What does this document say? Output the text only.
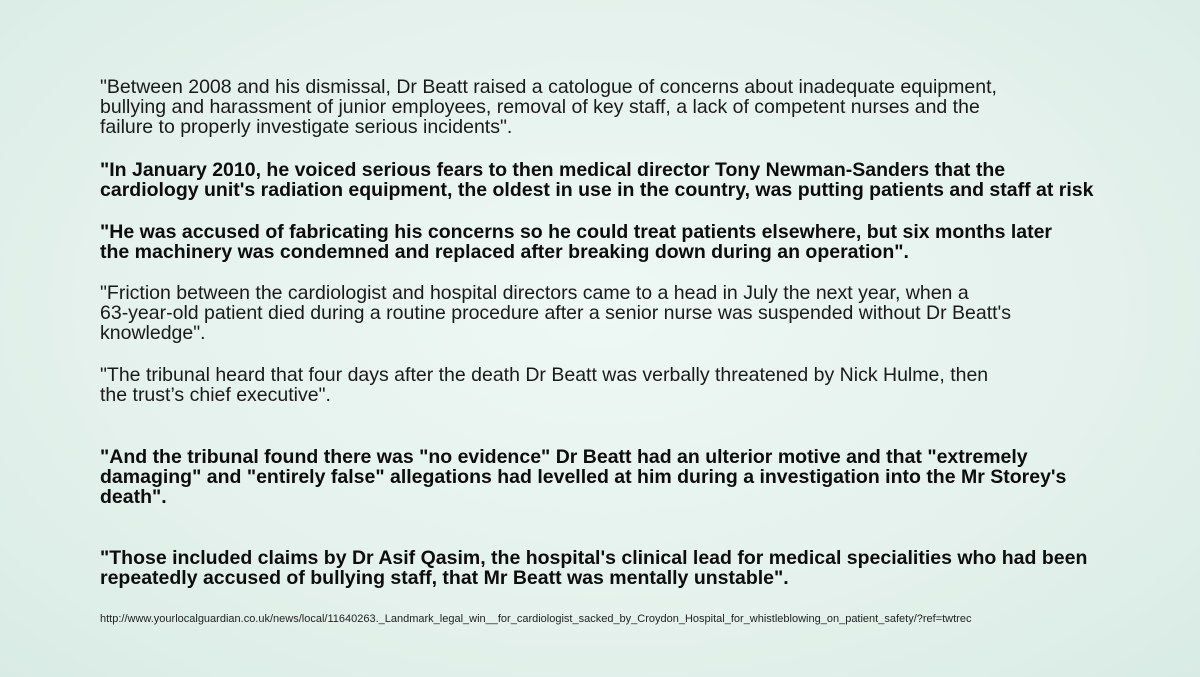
"Between 2008 and his dismissal, Dr Beatt raised a catologue of concerns about inadequate equipment,
bullying and harassment of junior employees, removal of key staff, a lack of competent nurses and the
failure to properly investigate serious incidents".

"In January 2010, he voiced serious fears to then medical director Tony Newman-Sanders that the
cardiology unit's radiation equipment, the oldest in use in the country, was putting patients and staff at risk

"He was accused of fabricating his concerns so he could treat patients elsewhere, but six months later
the machinery was condemned and replaced after breaking down during an operation".

"Friction between the cardiologist and hospital directors came to a head in July the next year, when a
63-year-old patient died during a routine procedure after a senior nurse was suspended without Dr Beatt's
knowledge".

"The tribunal heard that four days after the death Dr Beatt was verbally threatened by Nick Hulme, then
the trust’s chief executive".

"And the tribunal found there was "no evidence" Dr Beatt had an ulterior motive and that "extremely
damaging" and "entirely false" allegations had levelled at him during a investigation into the Mr Storey's
death".

"Those included claims by Dr Asif Qasim, the hospital's clinical lead for medical specialities who had been
repeatedly accused of bullying staff, that Mr Beatt was mentally unstable".

http://www.yourlocalguardian.co.uk/news/local/11640263._Landmark_legal_win__for_cardiologist_sacked_by_Croydon_Hospital_for_whistleblowing_on_patient_safety/?ref=twtrec
